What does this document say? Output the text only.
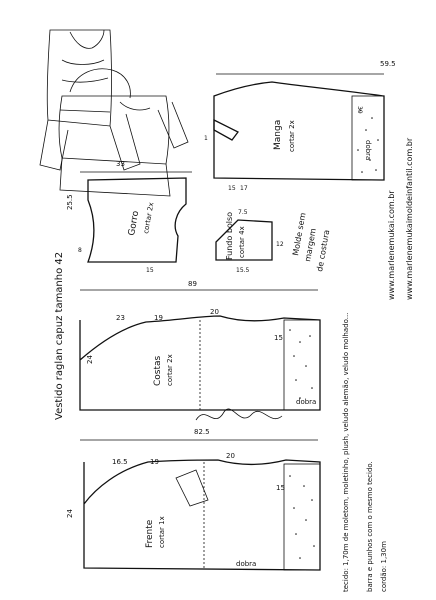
59.5
Manga cortar 2x	dobra
39
1
15 17
33
25.5
Gorro cortar 2x
8
15
7.5
Fundo bolso cortar 4x	12
15.5
Molde sem
margem
de costura	www.marlenemukai.com.br www.marlenemukaimoldeinfantil.com.br
Vestido raglan capuz tamanho 42	89
23	19
20
15
24	Costas cortar 2x
dobra
82.5
16.5	19
20
15
24
Frente cortar 1x
dobra	tecido: 1,70m de moletom, moletinho, plush, veludo alemão, veludo molhado... barra e punhos com o mesmo tecido. cordão: 1,30m
